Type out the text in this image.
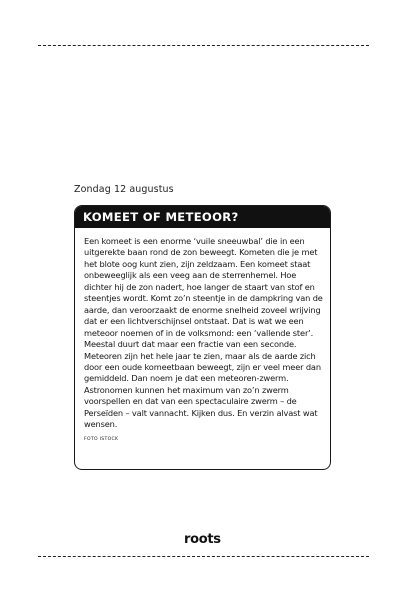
Zondag 12 augustus
KOMEET OF METEOOR?
Een komeet is een enorme ‘vuile sneeuwbal’ die in een uitgerekte baan rond de zon beweegt. Kometen die je met het blote oog kunt zien, zijn zeldzaam. Een komeet staat onbeweeglijk als een veeg aan de sterrenhemel. Hoe dichter hij de zon nadert, hoe langer de staart van stof en steentjes wordt. Komt zo’n steentje in de dampkring van de aarde, dan veroorzaakt de enorme snelheid zoveel wrijving dat er een lichtverschijnsel ontstaat. Dat is wat we een meteoor noemen of in de volksmond: een ‘vallende ster’. Meestal duurt dat maar een fractie van een seconde. Meteoren zijn het hele jaar te zien, maar als de aarde zich door een oude komeetbaan beweegt, zijn er veel meer dan gemiddeld. Dan noem je dat een meteoren-zwerm. Astronomen kunnen het maximum van zo’n zwerm voorspellen en dat van een spectaculaire zwerm – de Perseïden – valt vannacht. Kijken dus. En verzin alvast wat wensen.
FOTO ISTOCK
roots
